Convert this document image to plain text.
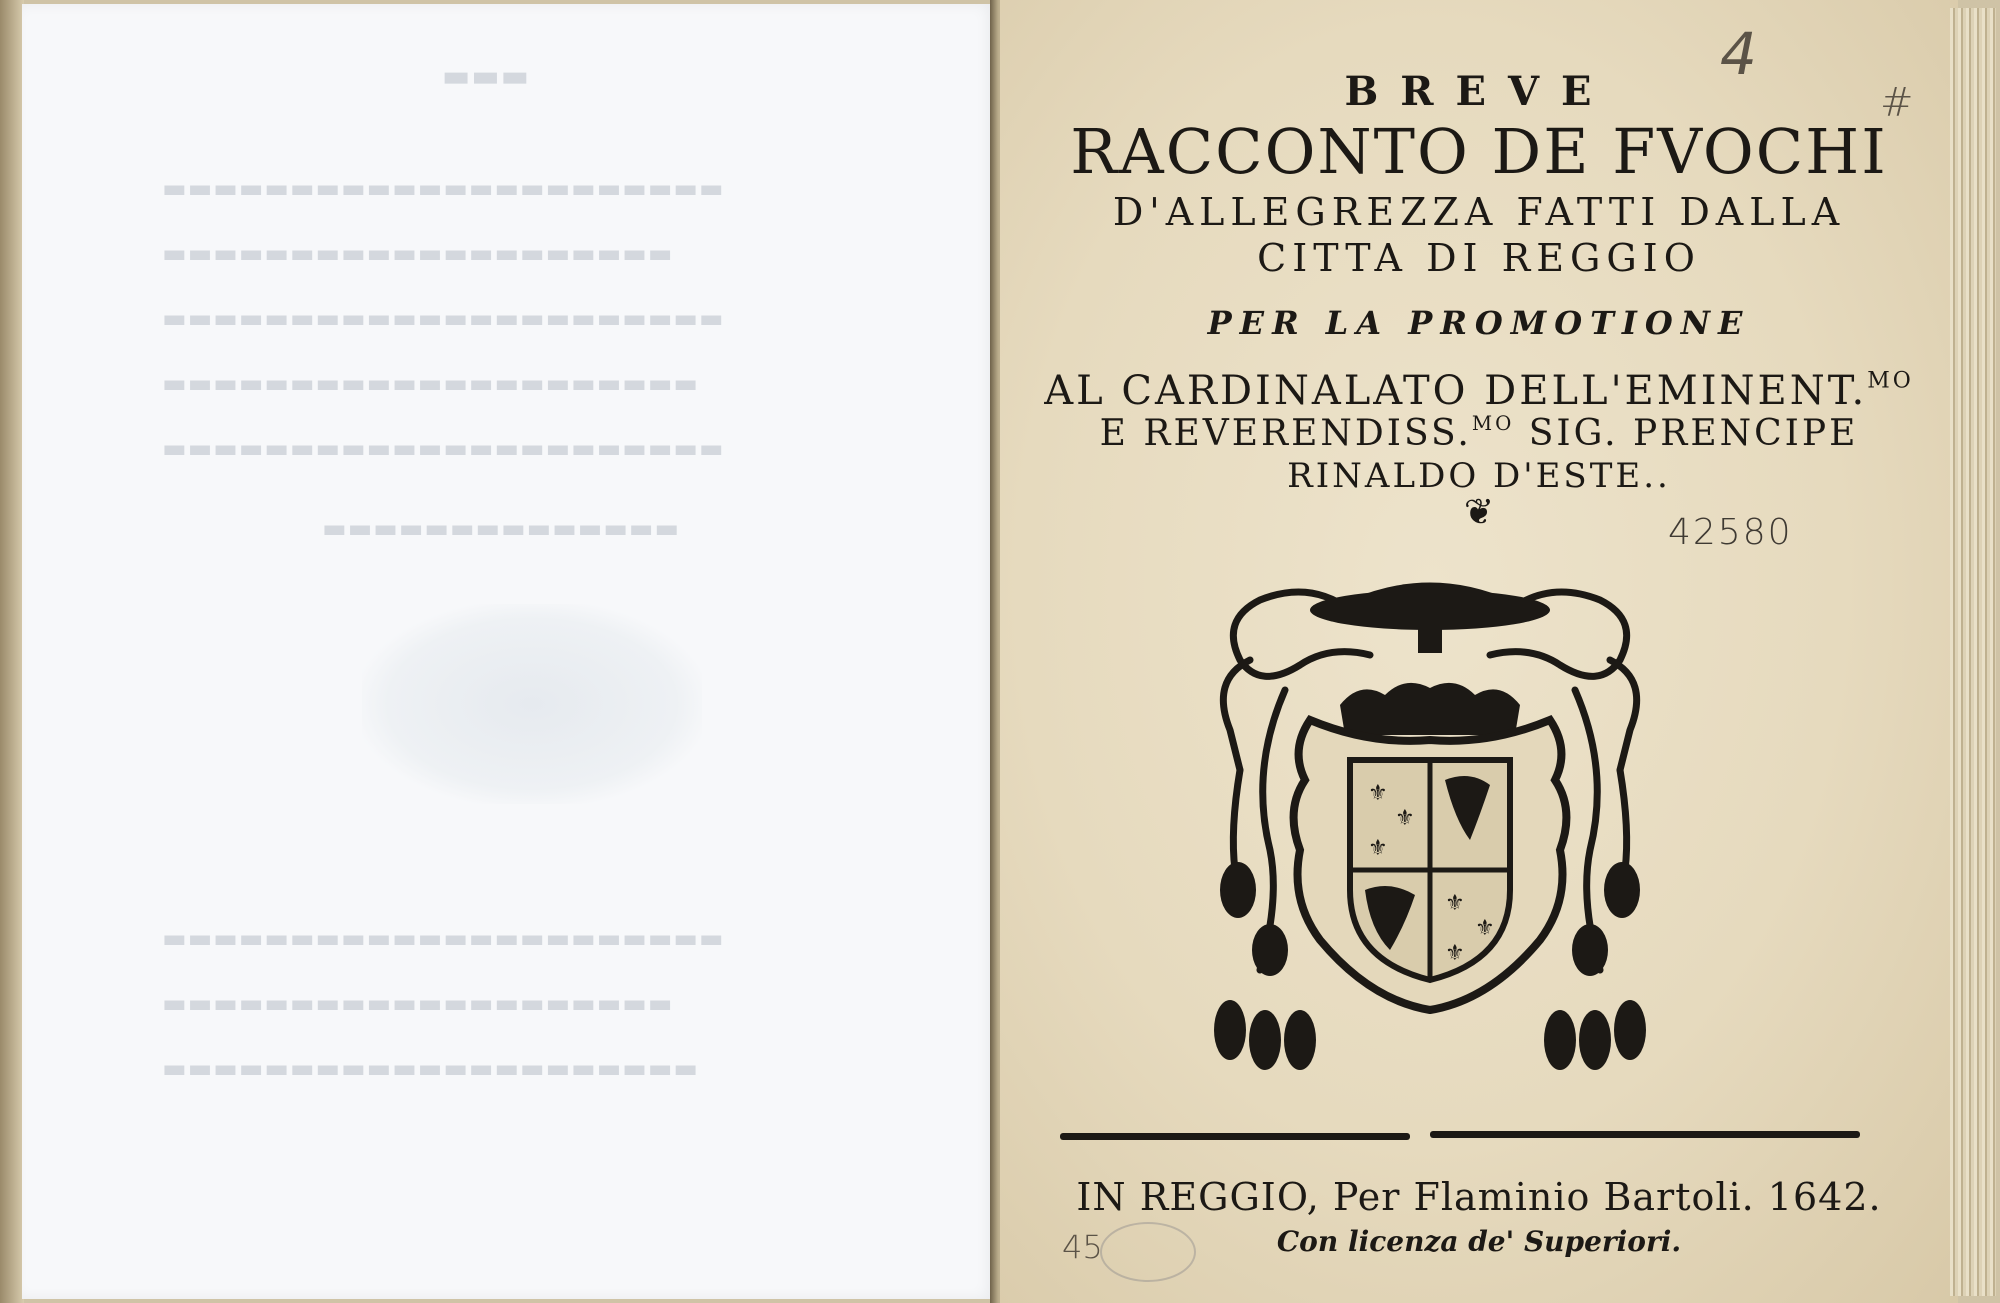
▬▬▬
▬▬▬▬▬▬▬▬▬▬▬▬▬▬▬▬▬▬▬▬▬▬
▬▬▬▬▬▬▬▬▬▬▬▬▬▬▬▬▬▬▬▬
▬▬▬▬▬▬▬▬▬▬▬▬▬▬▬▬▬▬▬▬▬▬
▬▬▬▬▬▬▬▬▬▬▬▬▬▬▬▬▬▬▬▬▬
▬▬▬▬▬▬▬▬▬▬▬▬▬▬▬▬▬▬▬▬▬▬
▬▬▬▬▬▬▬▬▬▬▬▬▬▬
▬▬▬▬▬▬▬▬▬▬▬▬▬▬▬▬▬▬▬▬▬▬
▬▬▬▬▬▬▬▬▬▬▬▬▬▬▬▬▬▬▬▬
▬▬▬▬▬▬▬▬▬▬▬▬▬▬▬▬▬▬▬▬▬
BREVE
RACCONTO DE FVOCHI
D'ALLEGREZZA FATTI DALLA
CITTA DI REGGIO
PER LA PROMOTIONE
AL CARDINALATO DELL'EMINENT.$^{MO}$
E REVERENDISS.$^{MO}$ SIG. PRENCIPE
RINALDO D'ESTE..
❦
⚜
⚜
⚜
⚜
⚜
⚜
IN REGGIO, Per Flaminio Bartoli. 1642.
Con licenza de' Superiori.
4
#
42580
45
